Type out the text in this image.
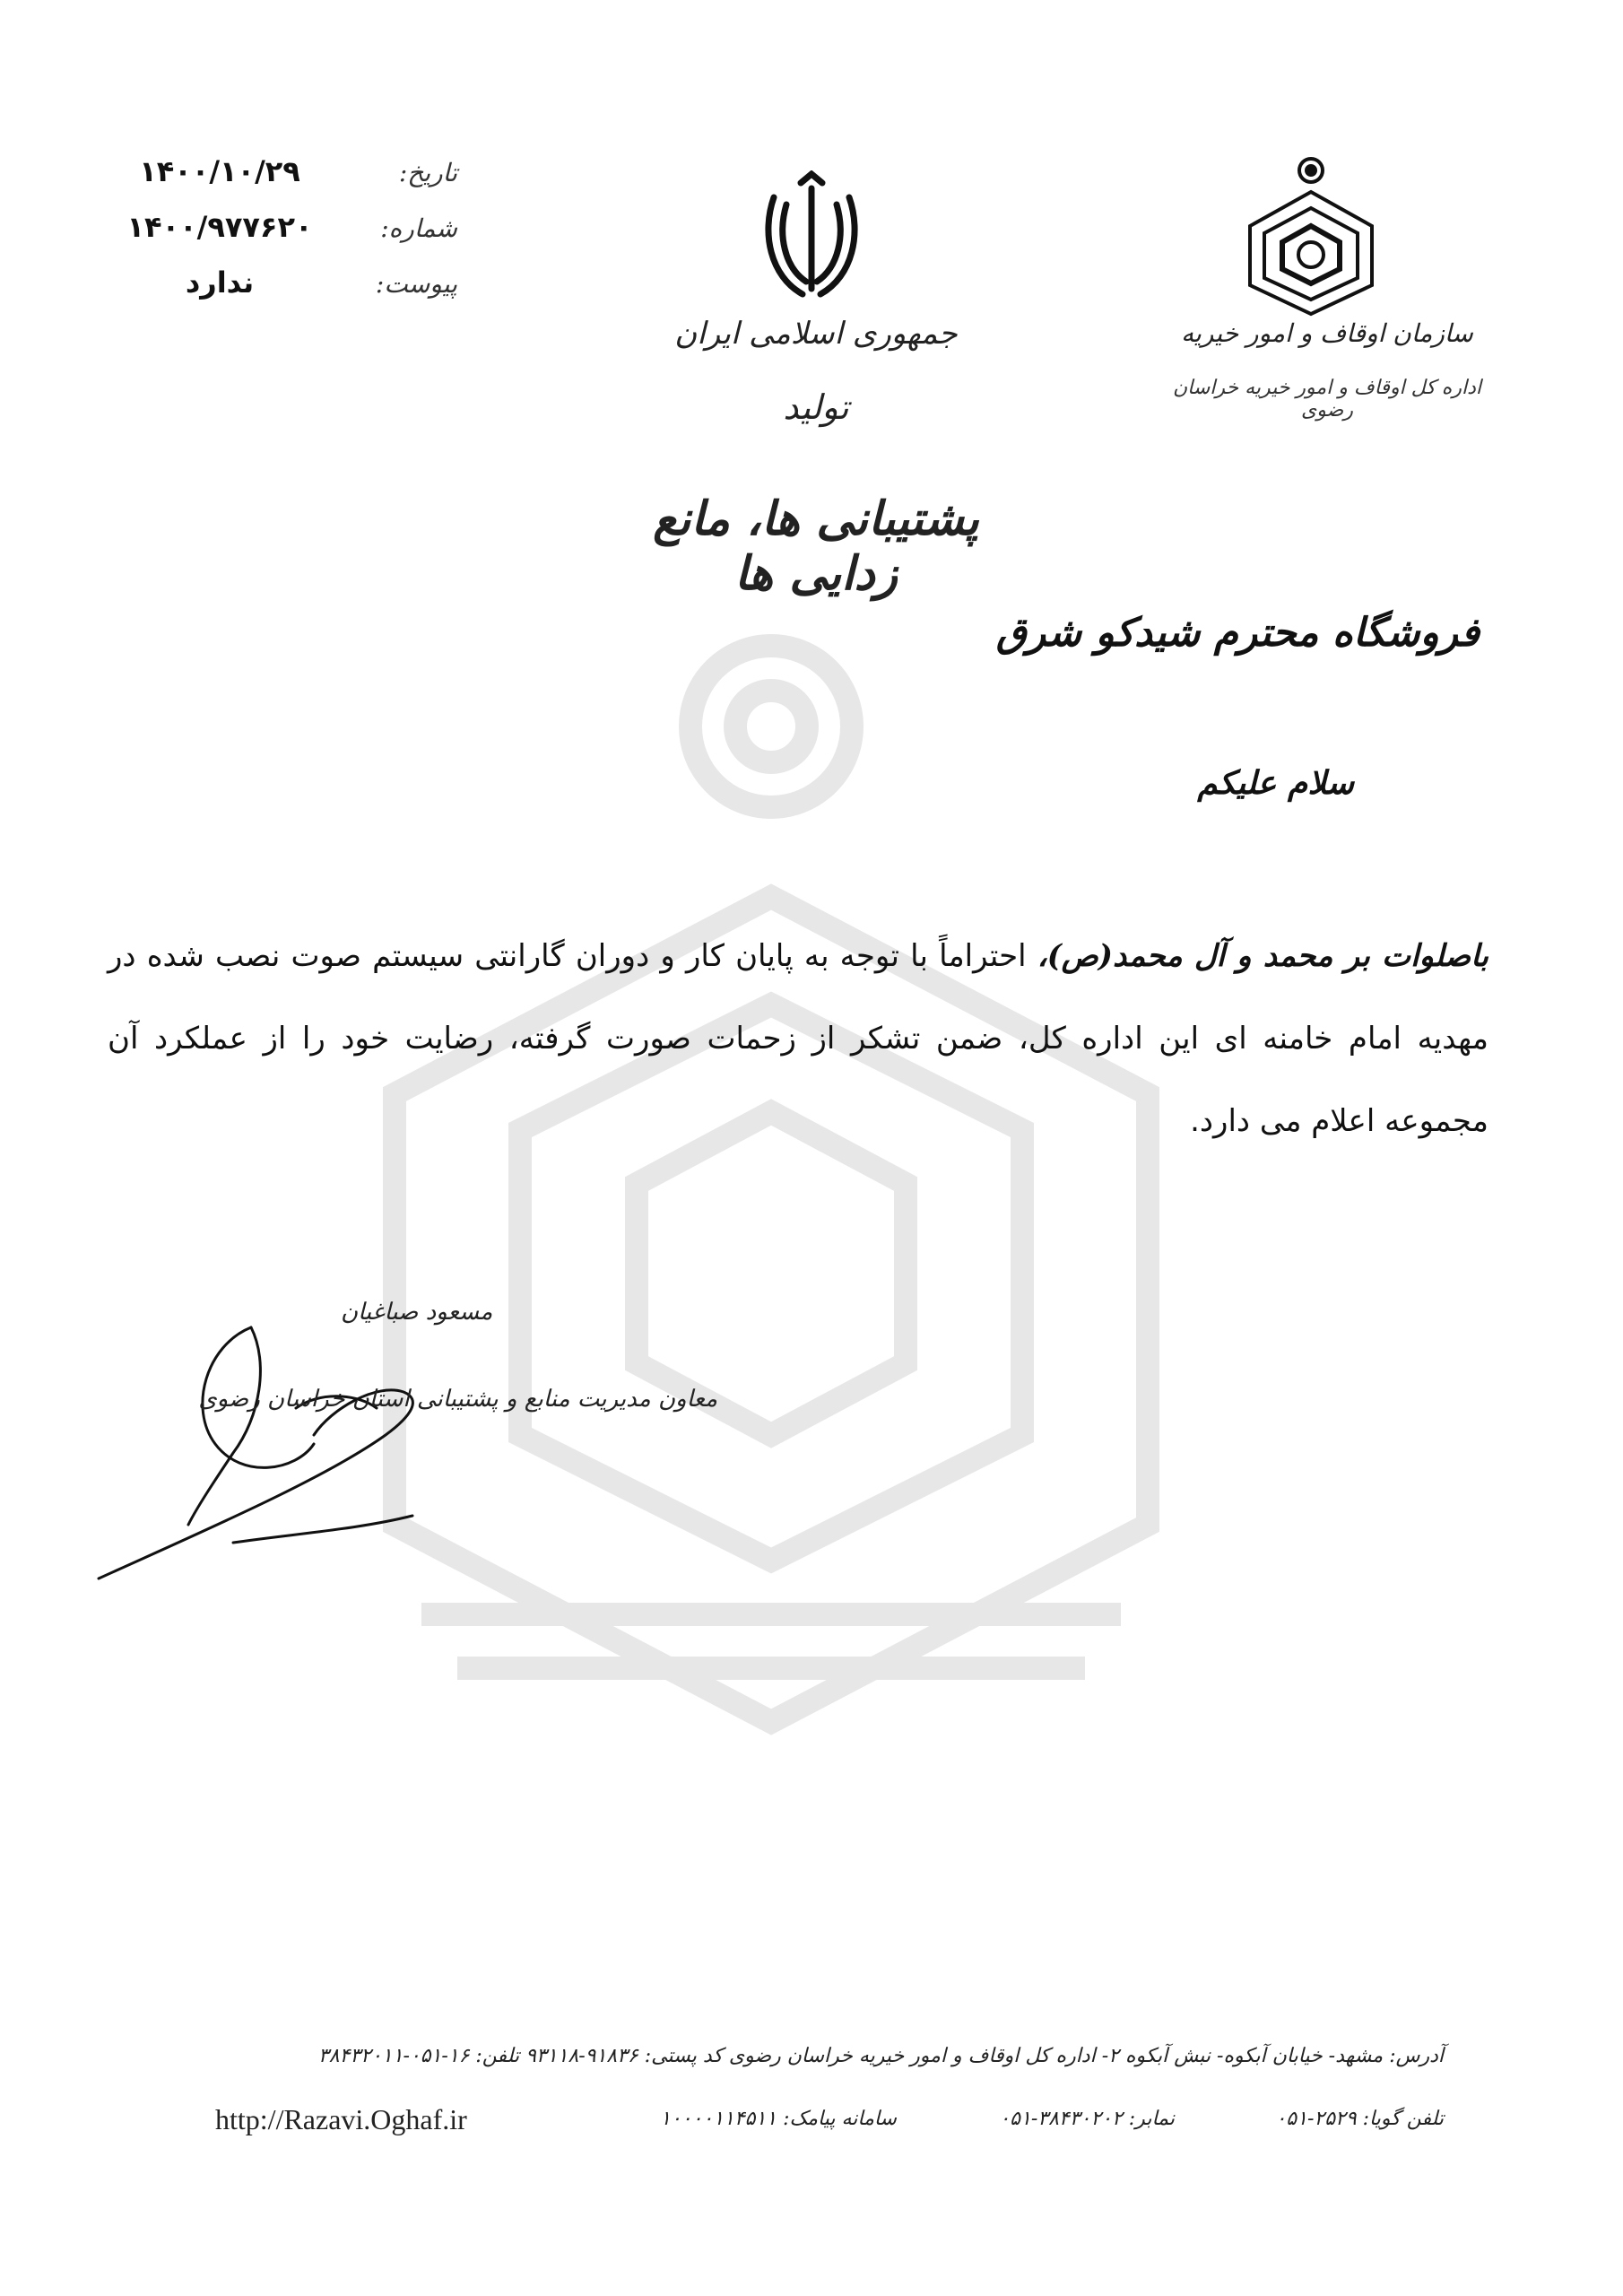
تاریخ:
۱۴۰۰/۱۰/۲۹
شماره:
۱۴۰۰/۹۷۷۶۲۰
پیوست:
ندارد
جمهوری اسلامی ایران
تولید
پشتیبانی ها، مانع زدایی ها
سازمان اوقاف و امور خیریه
اداره کل اوقاف و امور خیریه خراسان رضوی
فروشگاه محترم شیدکو شرق
سلام علیکم
باصلوات بر محمد و آل محمد(ص)، احتراماً با توجه به پایان کار و دوران گارانتی سیستم صوت نصب شده در مهدیه امام خامنه ای این اداره کل، ضمن تشکر از زحمات صورت گرفته، رضایت خود را از عملکرد آن مجموعه اعلام می دارد.
مسعود صباغیان
معاون مدیریت منابع و پشتیبانی استان خراسان رضوی
آدرس: مشهد- خیابان آبکوه- نبش آبکوه ۲- اداره کل اوقاف و امور خیریه خراسان رضوی کد پستی: ۹۱۸۳۶-۹۳۱۱۸ تلفن: ۱۶-۰۵۱-۳۸۴۳۲۰۱۱
تلفن گویا: ۲۵۲۹-۰۵۱
نمابر: ۳۸۴۳۰۲۰۲-۰۵۱
سامانه پیامک: ۱۰۰۰۰۱۱۴۵۱۱
http://Razavi.Oghaf.ir
